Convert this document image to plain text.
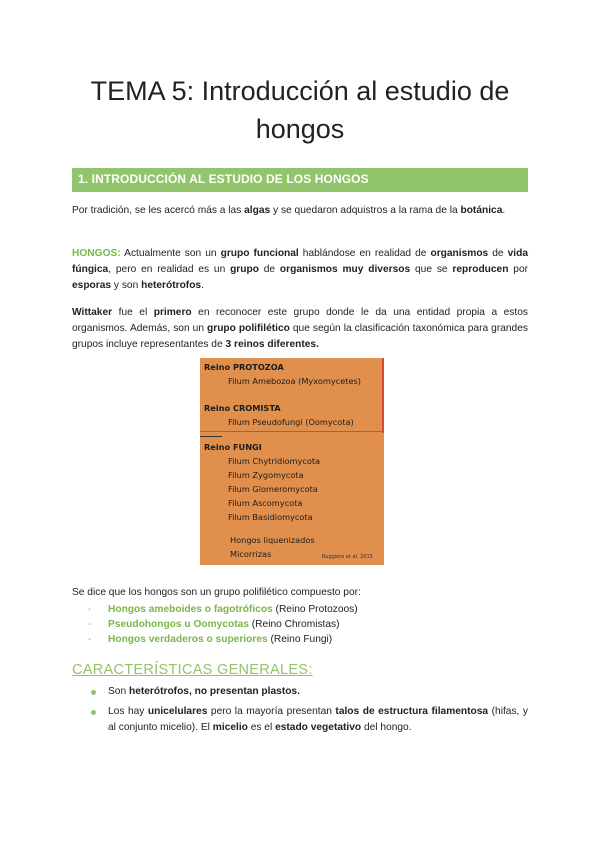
TEMA 5: Introducción al estudio de hongos
1. INTRODUCCIÓN AL ESTUDIO DE LOS HONGOS
Por tradición, se les acercó más a las algas y se quedaron adquistros a la rama de la botánica.
HONGOS: Actualmente son un grupo funcional hablándose en realidad de organismos de vida fúngica, pero en realidad es un grupo de organismos muy diversos que se reproducen por esporas y son heterótrofos.
Wittaker fue el primero en reconocer este grupo donde le da una entidad propia a estos organismos. Además, son un grupo polifilético que según la clasificación taxonómica para grandes grupos incluye representantes de 3 reinos diferentes.
Reino PROTOZOA
Filum Amebozoa (Myxomycetes)
Reino CROMISTA
Filum Pseudofungi (Oomycota)
Reino FUNGI
Filum Chytridiomycota
Filum Zygomycota
Filum Glomeromycota
Filum Ascomycota
Filum Basidiomycota
Hongos liquenizados
Micorrizas	Ruggiero et al. 2015
Se dice que los hongos son un grupo polifilético compuesto por:
- Hongos ameboides o fagotróficos (Reino Protozoos)
- Pseudohongos u Oomycotas (Reino Chromistas)
- Hongos verdaderos o superiores (Reino Fungi)
CARACTERÍSTICAS GENERALES:
Son heterótrofos, no presentan plastos.
Los hay unicelulares pero la mayoría presentan talos de estructura filamentosa (hifas, y al conjunto micelio). El micelio es el estado vegetativo del hongo.
